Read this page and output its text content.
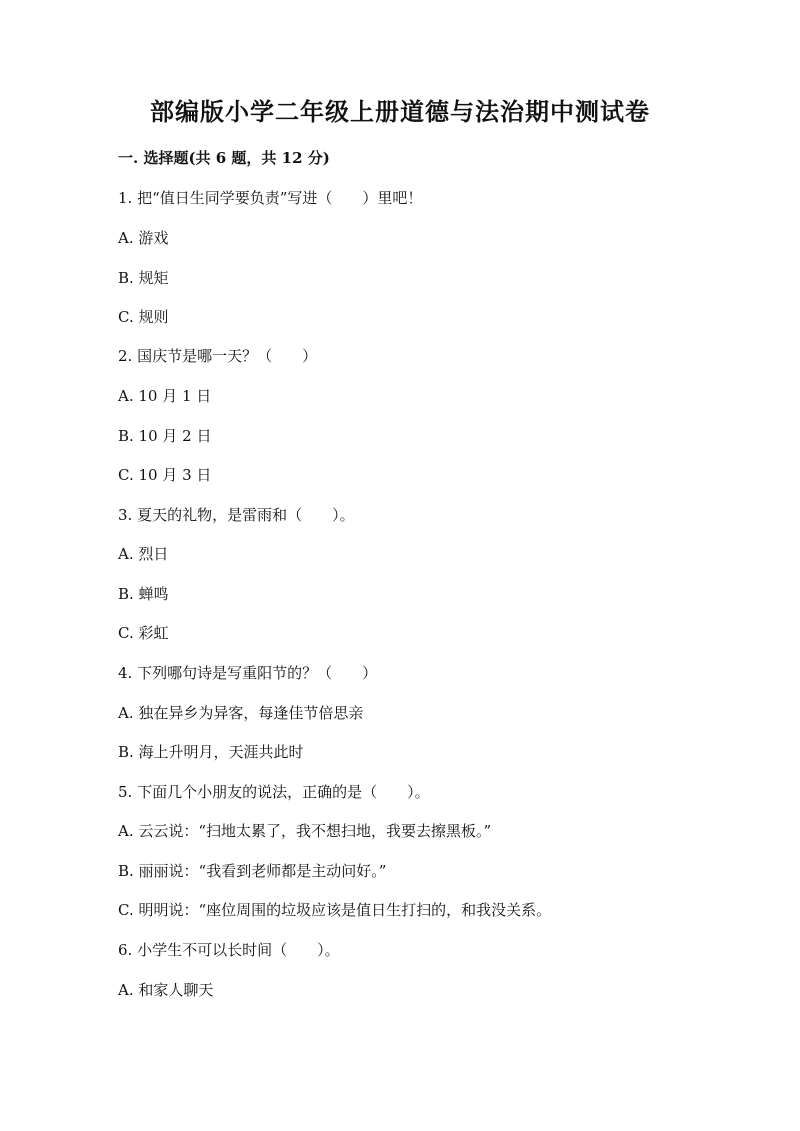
部编版小学二年级上册道德与法治期中测试卷
一. 选择题(共 6 题，共 12 分)
1. 把“值日生同学要负责”写进（　　）里吧！
A. 游戏
B. 规矩
C. 规则
2. 国庆节是哪一天？（　　）
A. 10 月 1 日
B. 10 月 2 日
C. 10 月 3 日
3. 夏天的礼物，是雷雨和（　　）。
A. 烈日
B. 蝉鸣
C. 彩虹
4. 下列哪句诗是写重阳节的？（　　）
A. 独在异乡为异客，每逢佳节倍思亲
B. 海上升明月，天涯共此时
5. 下面几个小朋友的说法，正确的是（　　）。
A. 云云说：“扫地太累了，我不想扫地，我要去擦黑板。”
B. 丽丽说：“我看到老师都是主动问好。”
C. 明明说：“座位周围的垃圾应该是值日生打扫的，和我没关系。
6. 小学生不可以长时间（　　）。
A. 和家人聊天
